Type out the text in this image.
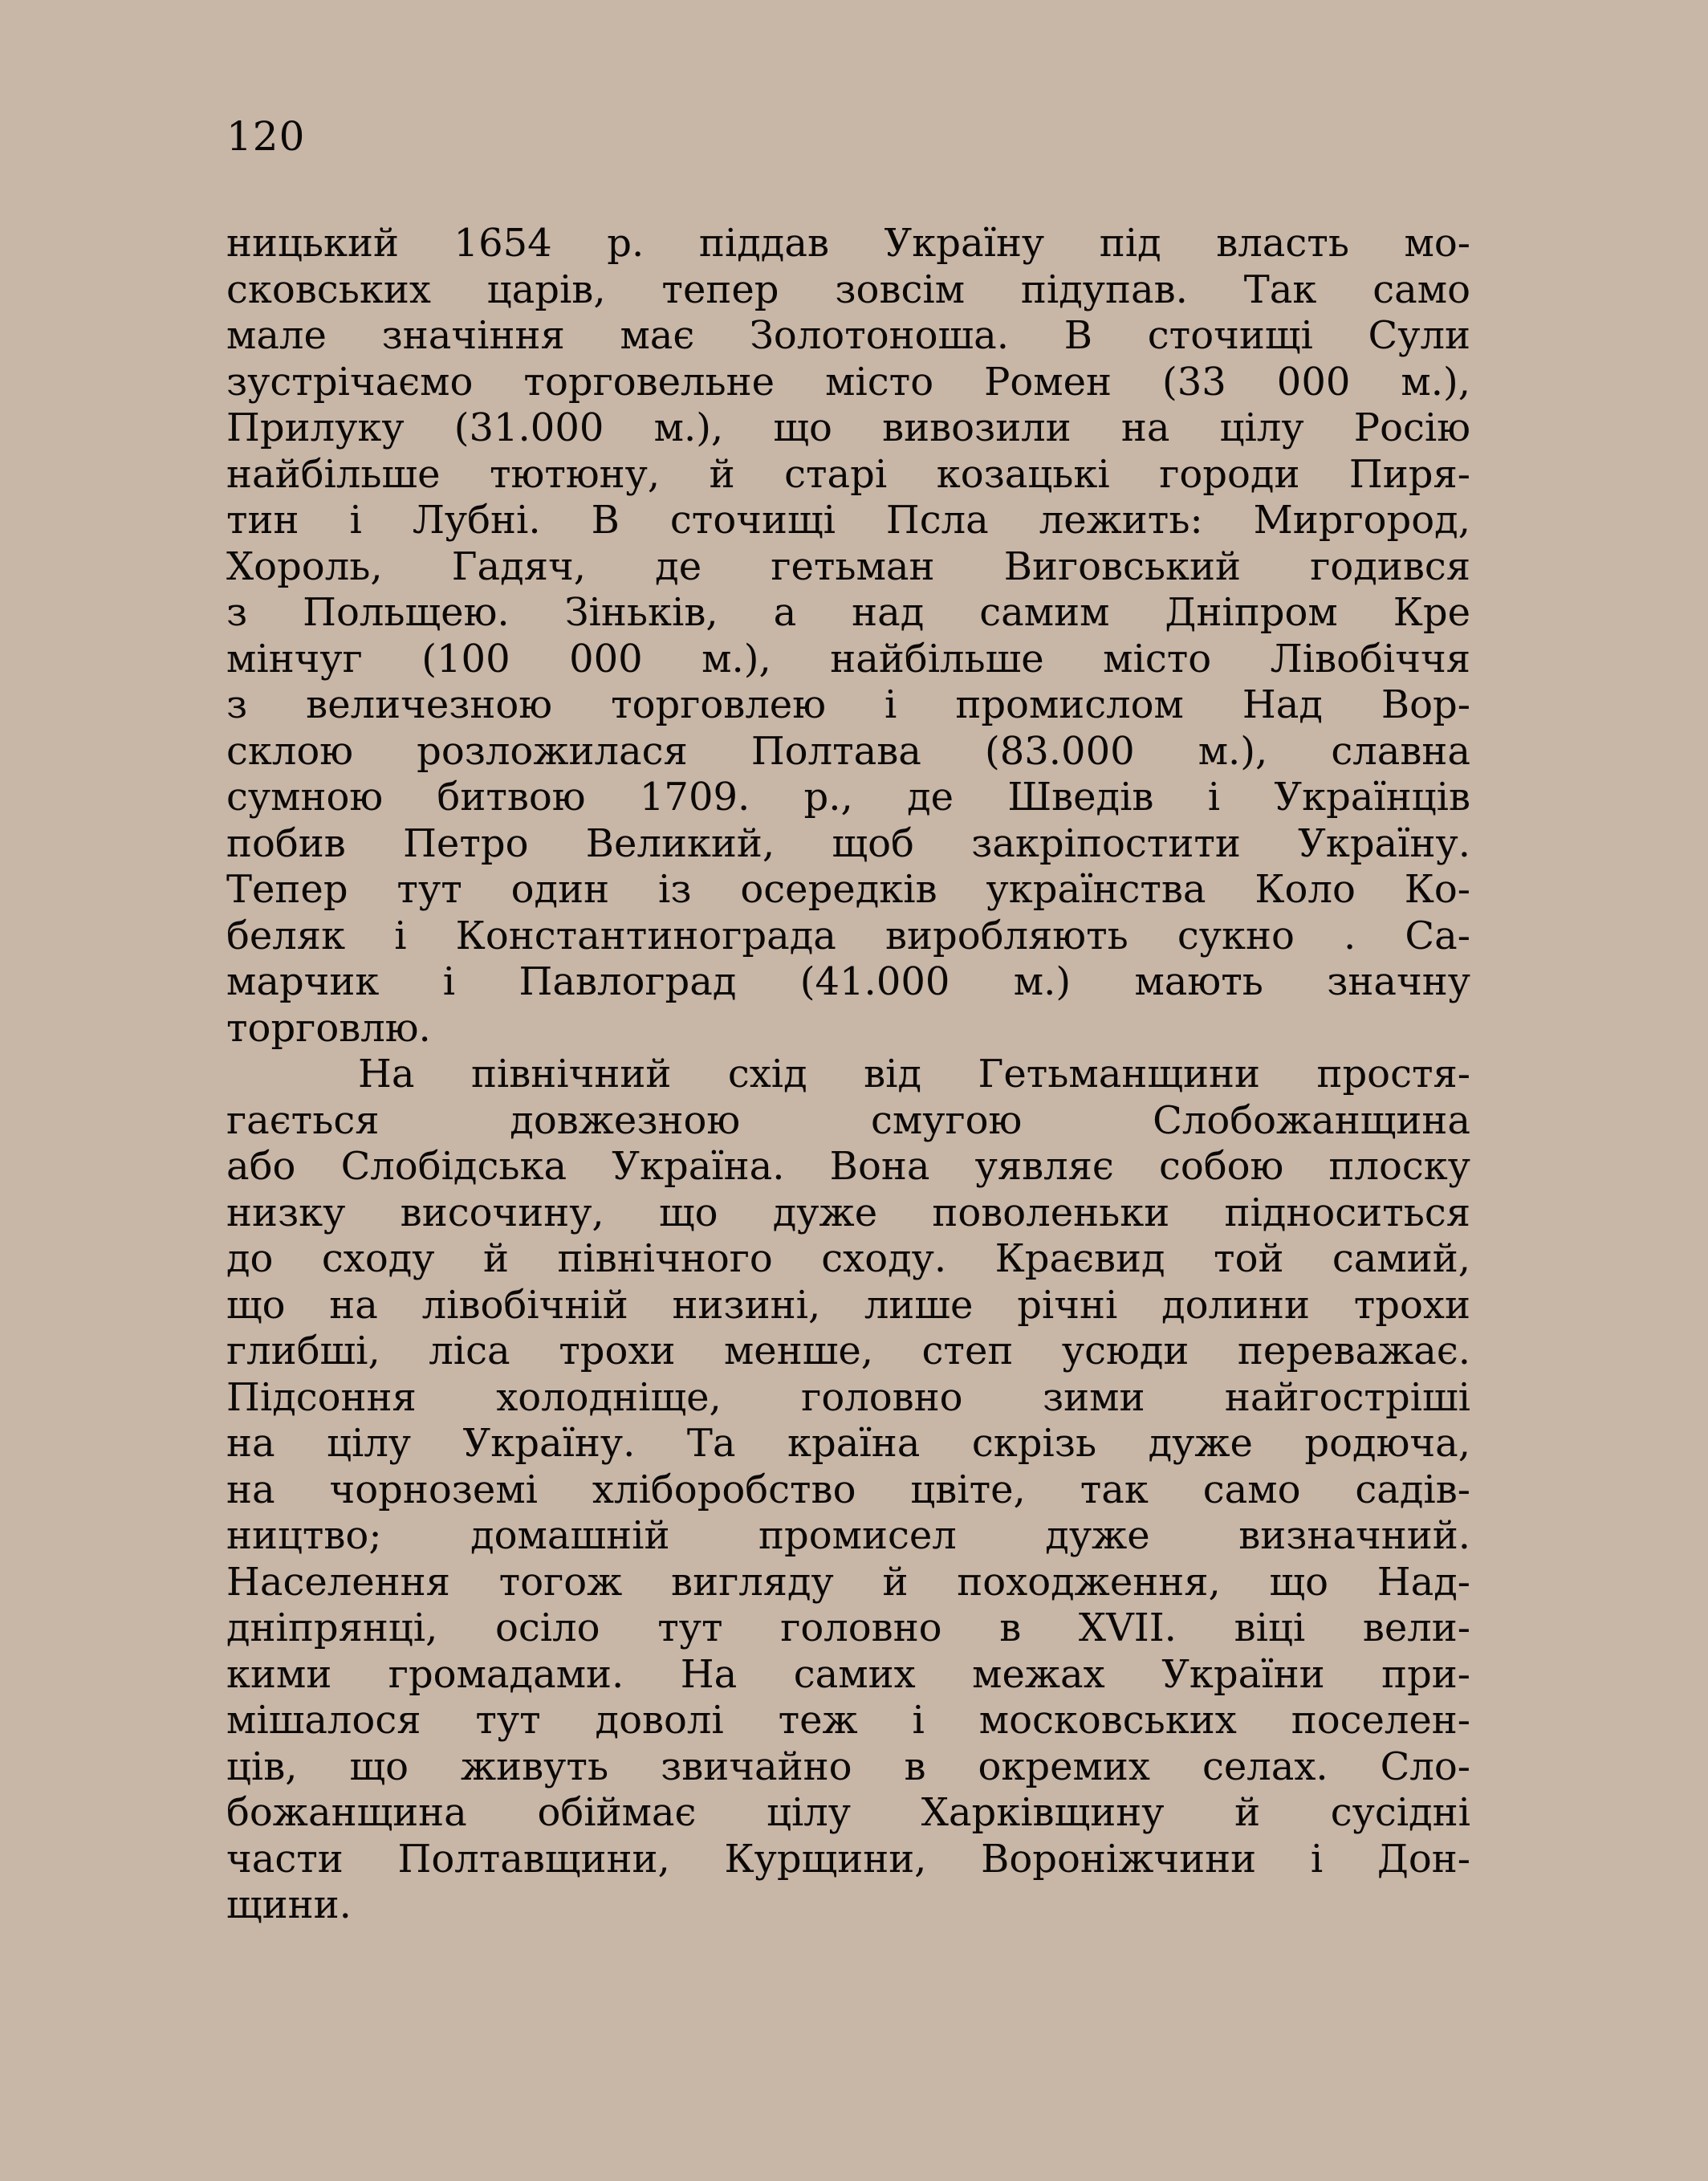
120
ницький 1654 р. піддав Україну під власть мо-
сковських царів, тепер зовсім підупав. Так само
мале значіння має Золотоноша. В сточищі Сули
зустрічаємо торговельне місто Ромен (33 000 м.),
Прилуку (31.000 м.), що вивозили на цілу Росію
найбільше тютюну, й старі козацькі городи Пиря-
тин і Лубні. В сточищі Псла лежить: Миргород,
Хороль, Гадяч, де гетьман Виговський годився
з Польщею. Зіньків, а над самим Дніпром Кре
мінчуг (100 000 м.), найбільше місто Лівобіччя
з величезною торговлею і промислом Над Вор-
склою розложилася Полтава (83.000 м.), славна
сумною битвою 1709. р., де Шведів і Українців
побив Петро Великий, щоб закріпостити Україну.
Тепер тут один із осередків українства Коло Ко-
беляк і Константинограда виробляють сукно . Са-
марчик і Павлоград (41.000 м.) мають значну
торговлю.
На північний схід від Гетьманщини простя-
гається довжезною смугою Слобожанщина
або Слобідська Україна. Вона уявляє собою плоску
низку височину, що дуже поволеньки підноситься
до сходу й північного сходу. Краєвид той самий,
що на лівобічній низині, лише річні долини трохи
глибші, ліса трохи менше, степ усюди переважає.
Підсоння холодніще, головно зими найгостріші
на цілу Україну. Та країна скрізь дуже родюча,
на чорноземі хліборобство цвіте, так само садів-
ництво; домашній промисел дуже визначний.
Населення тогож вигляду й походження, що Над-
дніпрянці, осіло тут головно в XVII. віці вели-
кими громадами. На самих межах України при-
мішалося тут доволі теж і московських поселен-
ців, що живуть звичайно в окремих селах. Сло-
божанщина обіймає цілу Харківщину й сусідні
части Полтавщини, Курщини, Вороніжчини і Дон-
щини.
